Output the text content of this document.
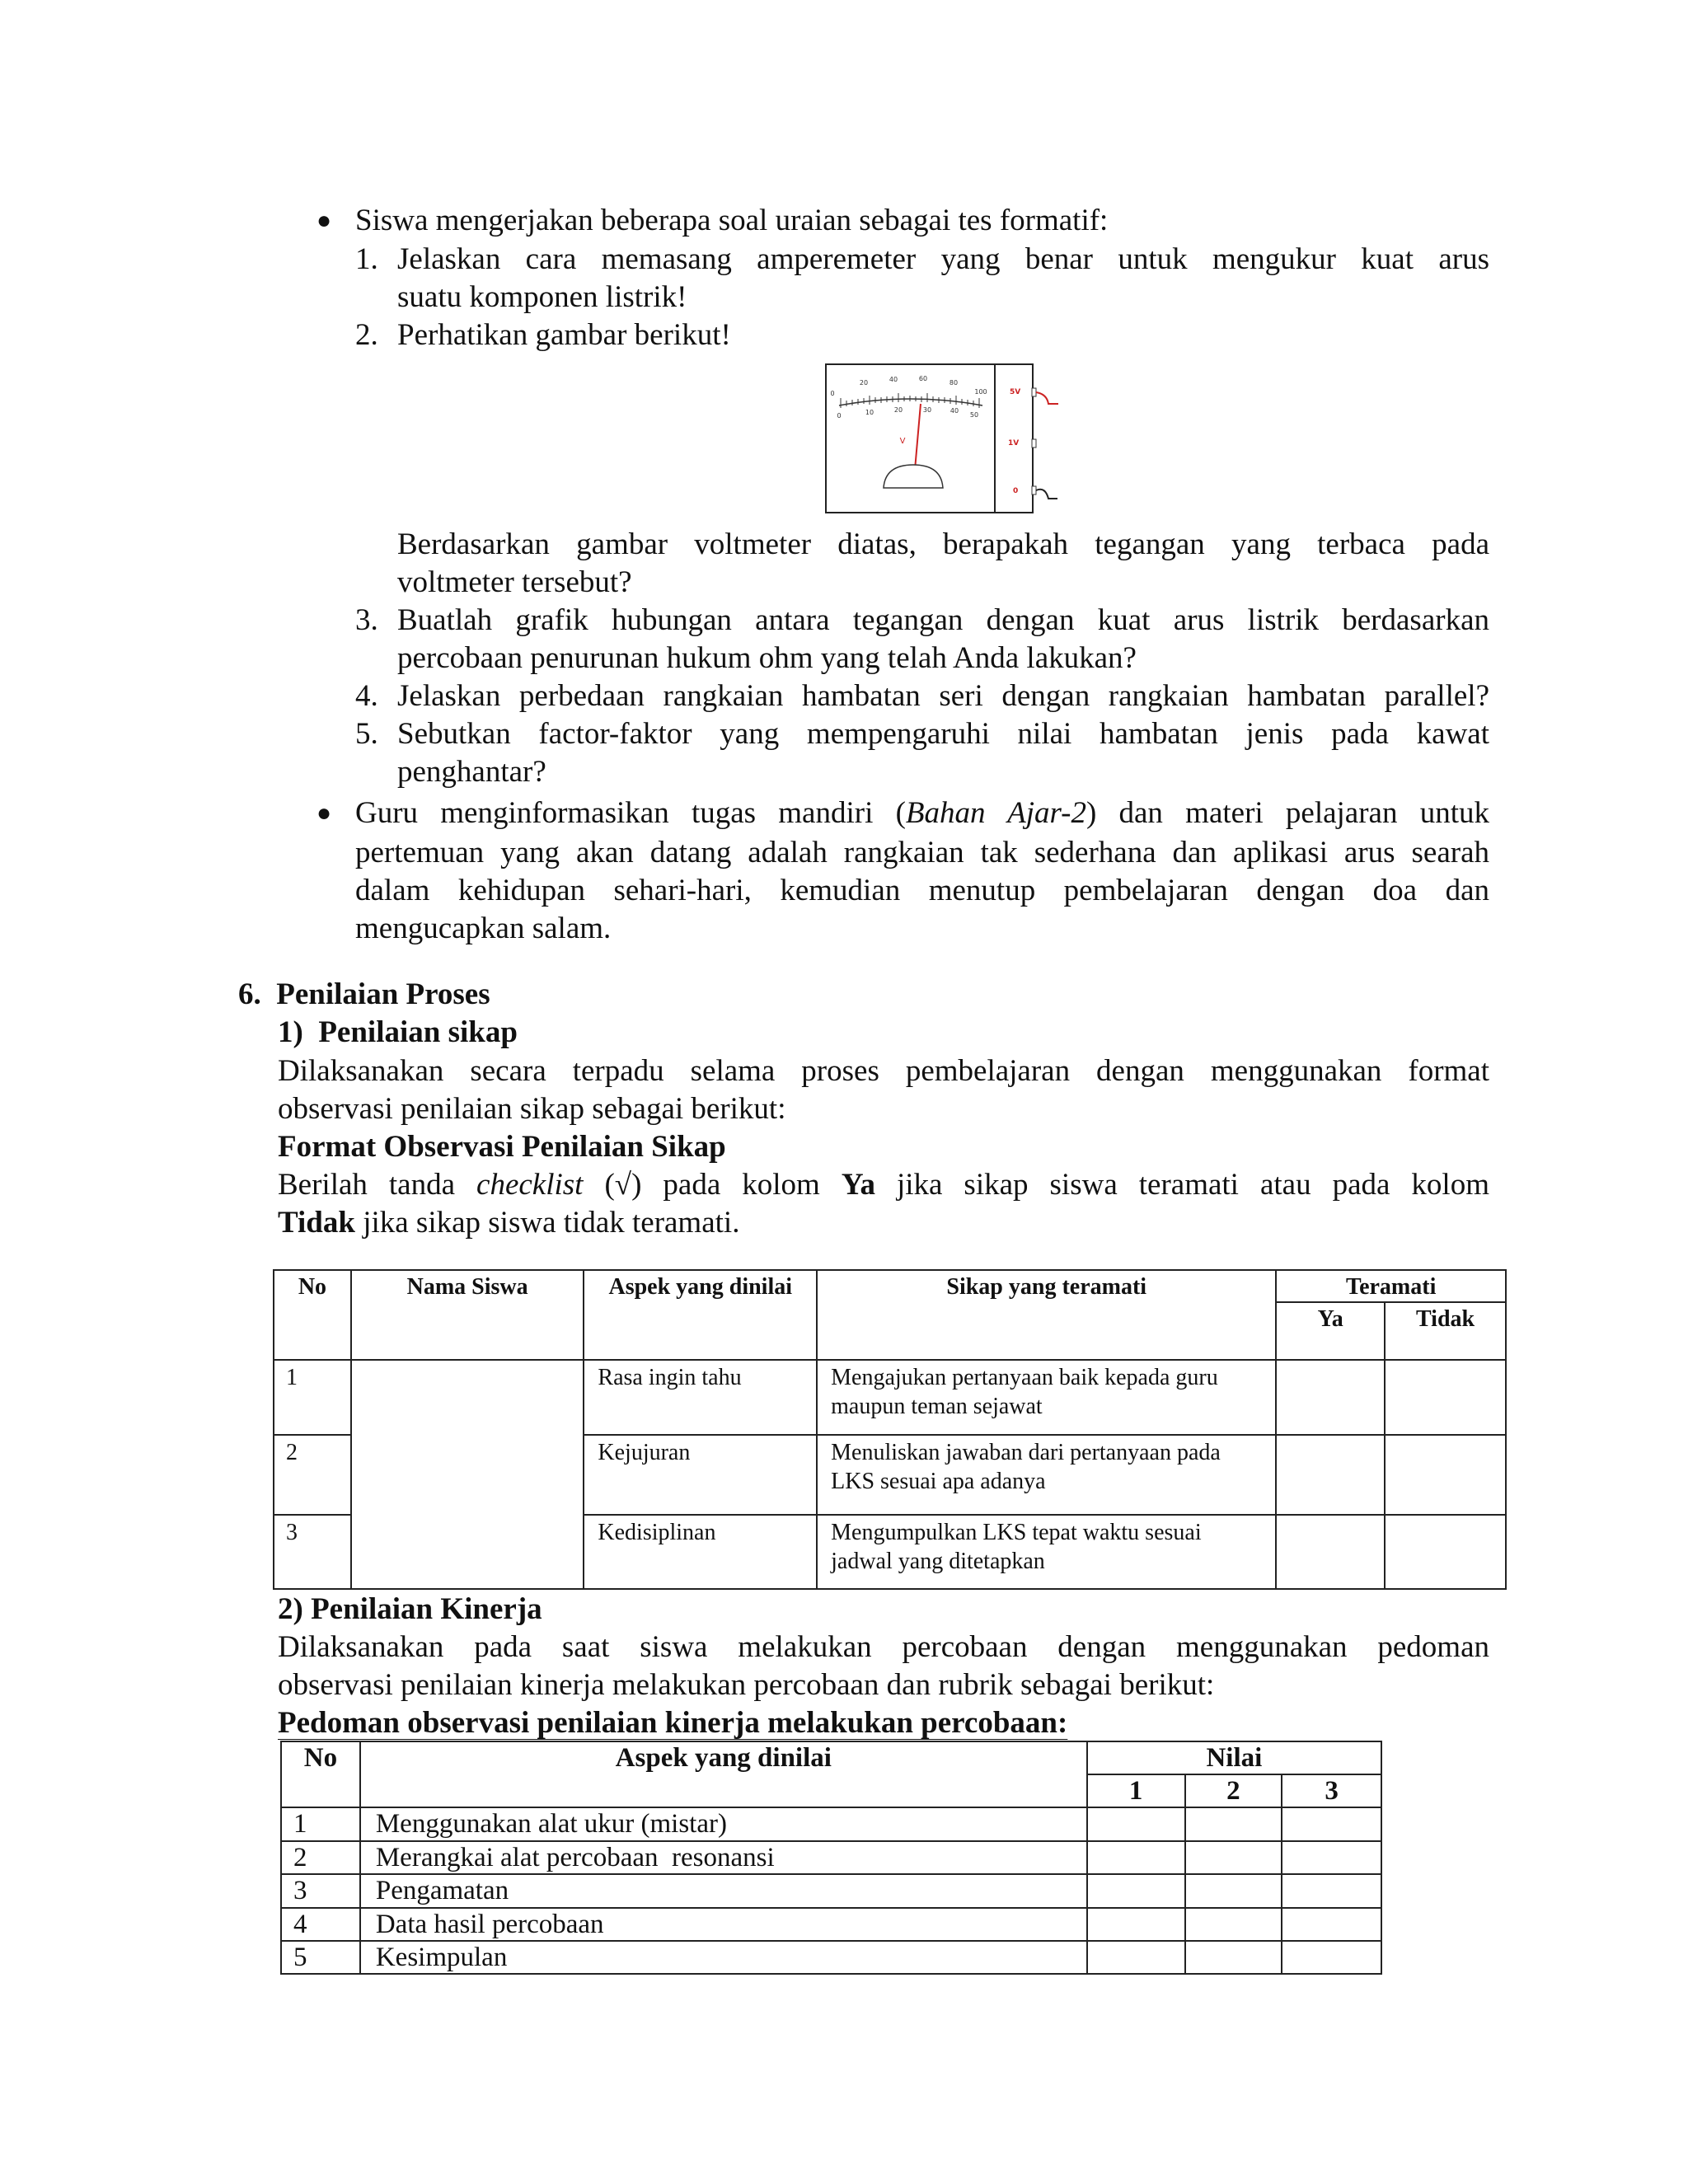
● Siswa mengerjakan beberapa soal uraian sebagai tes formatif:
1. Jelaskan cara memasang amperemeter yang benar untuk mengukur kuat arus
suatu komponen listrik!
2. Perhatikan gambar berikut!
0
20	40	60
80
100
0	10	20	30	40
50
V
5V
1V
0
Berdasarkan gambar voltmeter diatas, berapakah tegangan yang terbaca pada
voltmeter tersebut?
3. Buatlah grafik hubungan antara tegangan dengan kuat arus listrik berdasarkan
percobaan penurunan hukum ohm yang telah Anda lakukan?
4. Jelaskan perbedaan rangkaian hambatan seri dengan rangkaian hambatan parallel?
5. Sebutkan factor-faktor yang mempengaruhi nilai hambatan jenis pada kawat
penghantar?
● Guru menginformasikan tugas mandiri (Bahan Ajar-2) dan materi pelajaran untuk
pertemuan yang akan datang adalah rangkaian tak sederhana dan aplikasi arus searah
dalam kehidupan sehari-hari, kemudian menutup pembelajaran dengan doa dan
mengucapkan salam.
6.  Penilaian Proses
1)  Penilaian sikap
Dilaksanakan secara terpadu selama proses pembelajaran dengan menggunakan format
observasi penilaian sikap sebagai berikut:
Format Observasi Penilaian Sikap
Berilah tanda checklist (√) pada kolom Ya jika sikap siswa teramati atau pada kolom
Tidak jika sikap siswa tidak teramati.
No	Nama Siswa	Aspek yang dinilai	Sikap yang teramati	Teramati	
				Ya	Tidak
1		Rasa ingin tahu	Mengajukan pertanyaan baik kepada guru
maupun teman sejawat		
2		Kejujuran	Menuliskan jawaban dari pertanyaan pada
LKS sesuai apa adanya		
3		Kedisiplinan	Mengumpulkan LKS tepat waktu sesuai
jadwal yang ditetapkan		
2) Penilaian Kinerja
Dilaksanakan pada saat siswa melakukan percobaan dengan menggunakan pedoman
observasi penilaian kinerja melakukan percobaan dan rubrik sebagai berikut:
Pedoman observasi penilaian kinerja melakukan percobaan:
No	Aspek yang dinilai	Nilai		
		1	2	3
1	Menggunakan alat ukur (mistar)			
2	Merangkai alat percobaan  resonansi			
3	Pengamatan			
4	Data hasil percobaan			
5	Kesimpulan			
